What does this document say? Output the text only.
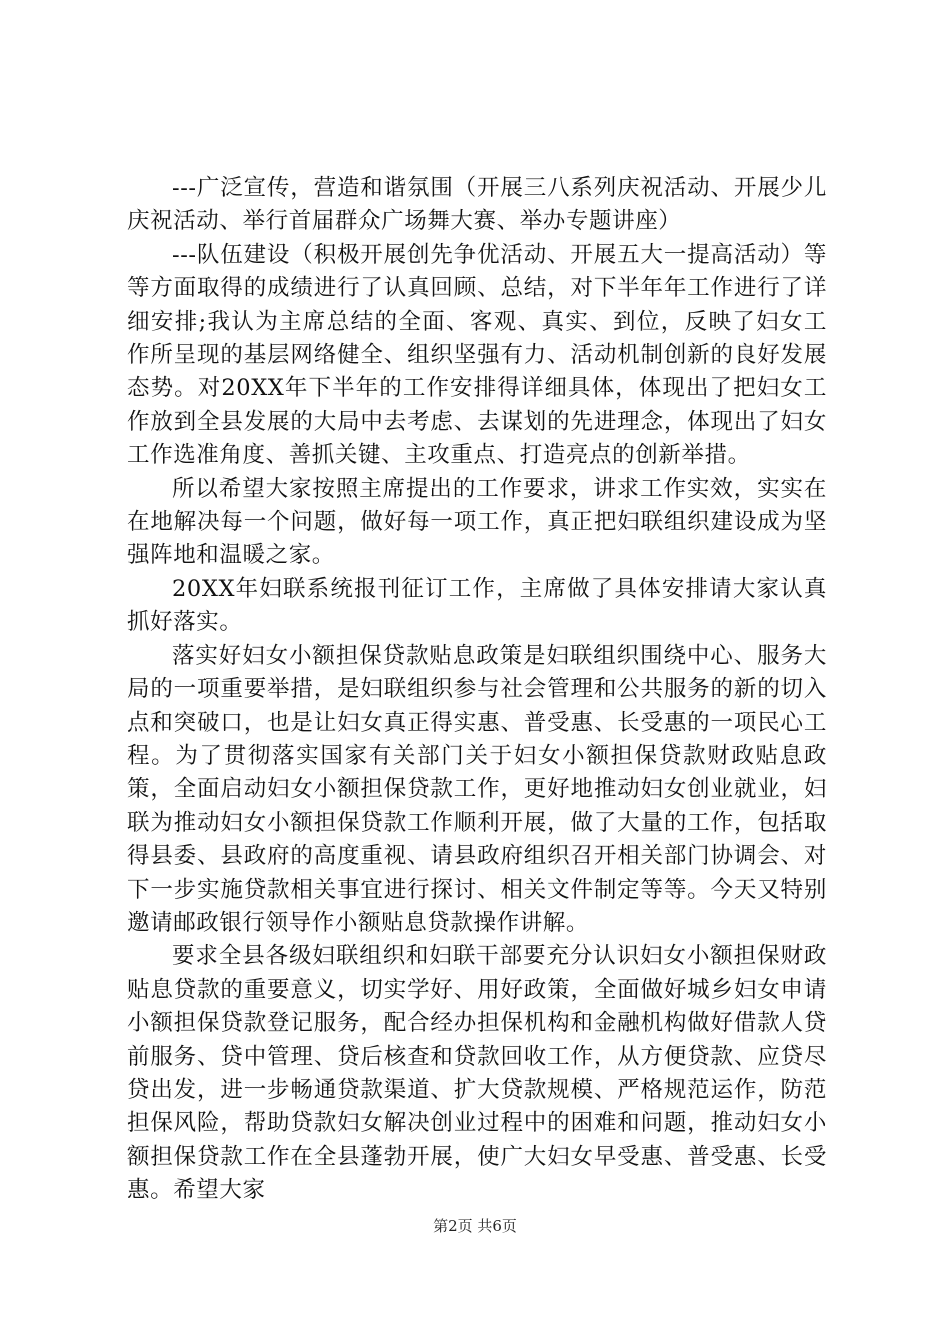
---广泛宣传，营造和谐氛围（开展三八系列庆祝活动、开展少儿庆祝活动、举行首届群众广场舞大赛、举办专题讲座）

---队伍建设（积极开展创先争优活动、开展五大一提高活动）等等方面取得的成绩进行了认真回顾、总结，对下半年年工作进行了详细安排;我认为主席总结的全面、客观、真实、到位，反映了妇女工作所呈现的基层网络健全、组织坚强有力、活动机制创新的良好发展态势。对20XX年下半年的工作安排得详细具体，体现出了把妇女工作放到全县发展的大局中去考虑、去谋划的先进理念，体现出了妇女工作选准角度、善抓关键、主攻重点、打造亮点的创新举措。

所以希望大家按照主席提出的工作要求，讲求工作实效，实实在在地解决每一个问题，做好每一项工作，真正把妇联组织建设成为坚强阵地和温暖之家。

20XX年妇联系统报刊征订工作，主席做了具体安排请大家认真抓好落实。

落实好妇女小额担保贷款贴息政策是妇联组织围绕中心、服务大局的一项重要举措，是妇联组织参与社会管理和公共服务的新的切入点和突破口，也是让妇女真正得实惠、普受惠、长受惠的一项民心工程。为了贯彻落实国家有关部门关于妇女小额担保贷款财政贴息政策，全面启动妇女小额担保贷款工作，更好地推动妇女创业就业，妇联为推动妇女小额担保贷款工作顺利开展，做了大量的工作，包括取得县委、县政府的高度重视、请县政府组织召开相关部门协调会、对下一步实施贷款相关事宜进行探讨、相关文件制定等等。今天又特别邀请邮政银行领导作小额贴息贷款操作讲解。

要求全县各级妇联组织和妇联干部要充分认识妇女小额担保财政贴息贷款的重要意义，切实学好、用好政策，全面做好城乡妇女申请小额担保贷款登记服务，配合经办担保机构和金融机构做好借款人贷前服务、贷中管理、贷后核查和贷款回收工作，从方便贷款、应贷尽贷出发，进一步畅通贷款渠道、扩大贷款规模、严格规范运作，防范担保风险，帮助贷款妇女解决创业过程中的困难和问题，推动妇女小额担保贷款工作在全县蓬勃开展，使广大妇女早受惠、普受惠、长受惠。希望大家

第2页 共6页
